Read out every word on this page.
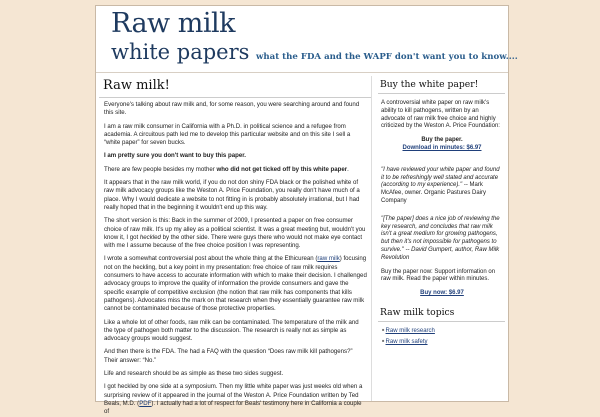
Raw milk
white papers what the FDA and the WAPF don't want you to know....
Raw milk!

Everyone's talking about raw milk and, for some reason, you were searching around and found this site.

I am a raw milk consumer in California with a Ph.D. in political science and a refugee from academia. A circuitous path led me to develop this particular website and on this site I sell a “white paper” for seven bucks.

I am pretty sure you don't want to buy this paper.

There are few people besides my mother who did not get ticked off by this white paper.

It appears that in the raw milk world, if you do not don shiny FDA black or the polished white of raw milk advocacy groups like the Weston A. Price Foundation, you really don't have much of a place. Why I would dedicate a website to not fitting in is probably absolutely irrational, but I had really hoped that in the beginning it wouldn't end up this way.

The short version is this: Back in the summer of 2009, I presented a paper on free consumer choice of raw milk. It's up my alley as a political scientist. It was a great meeting but, wouldn't you know it, I got heckled by the other side. There were guys there who would not make eye contact with me I assume because of the free choice position I was representing.

I wrote a somewhat controversial post about the whole thing at the Ethicurean (raw milk) focusing not on the heckling, but a key point in my presentation: free choice of raw milk requires consumers to have access to accurate information with which to make their decision. I challenged advocacy groups to improve the quality of information the provide consumers and gave the specific example of competitive exclusion (the notion that raw milk has components that kills pathogens). Advocates miss the mark on that research when they essentially guarantee raw milk cannot be contaminated because of those protective properties.

Like a whole lot of other foods, raw milk can be contaminated. The temperature of the milk and the type of pathogen both matter to the discussion. The research is really not as simple as advocacy groups would suggest.

And then there is the FDA. The had a FAQ with the question “Does raw milk kill pathogens?” Their answer: “No.”

Life and research should be as simple as these two sides suggest.

I got heckled by one side at a symposium. Then my little white paper was just weeks old when a surprising review of it appeared in the journal of the Weston A. Price Foundation written by Ted Beals, M.D. (PDF). I actually had a lot of respect for Beals' testimony here in California a couple of

Buy the white paper!

A controversial white paper on raw milk's ability to kill pathogens, written by an advocate of raw milk free choice and highly criticized by the Weston A. Price Foundation:

Buy the paper.
Download in minutes: $6.97

"I have reviewed your white paper and found it to be refreshingly well stated and accurate (according to my experience)." -- Mark McAfee, owner. Organic Pastures Dairy Company

"[The paper] does a nice job of reviewing the key research, and concludes that raw milk isn't a great medium for growing pathogens, but then it's not impossible for pathogens to survive." -- David Gumpert, author, Raw Milk Revolution

Buy the paper now: Support information on raw milk. Read the paper within minutes.

Buy now: $6.97

Raw milk topics
■ Raw milk research
■ Raw milk safety
